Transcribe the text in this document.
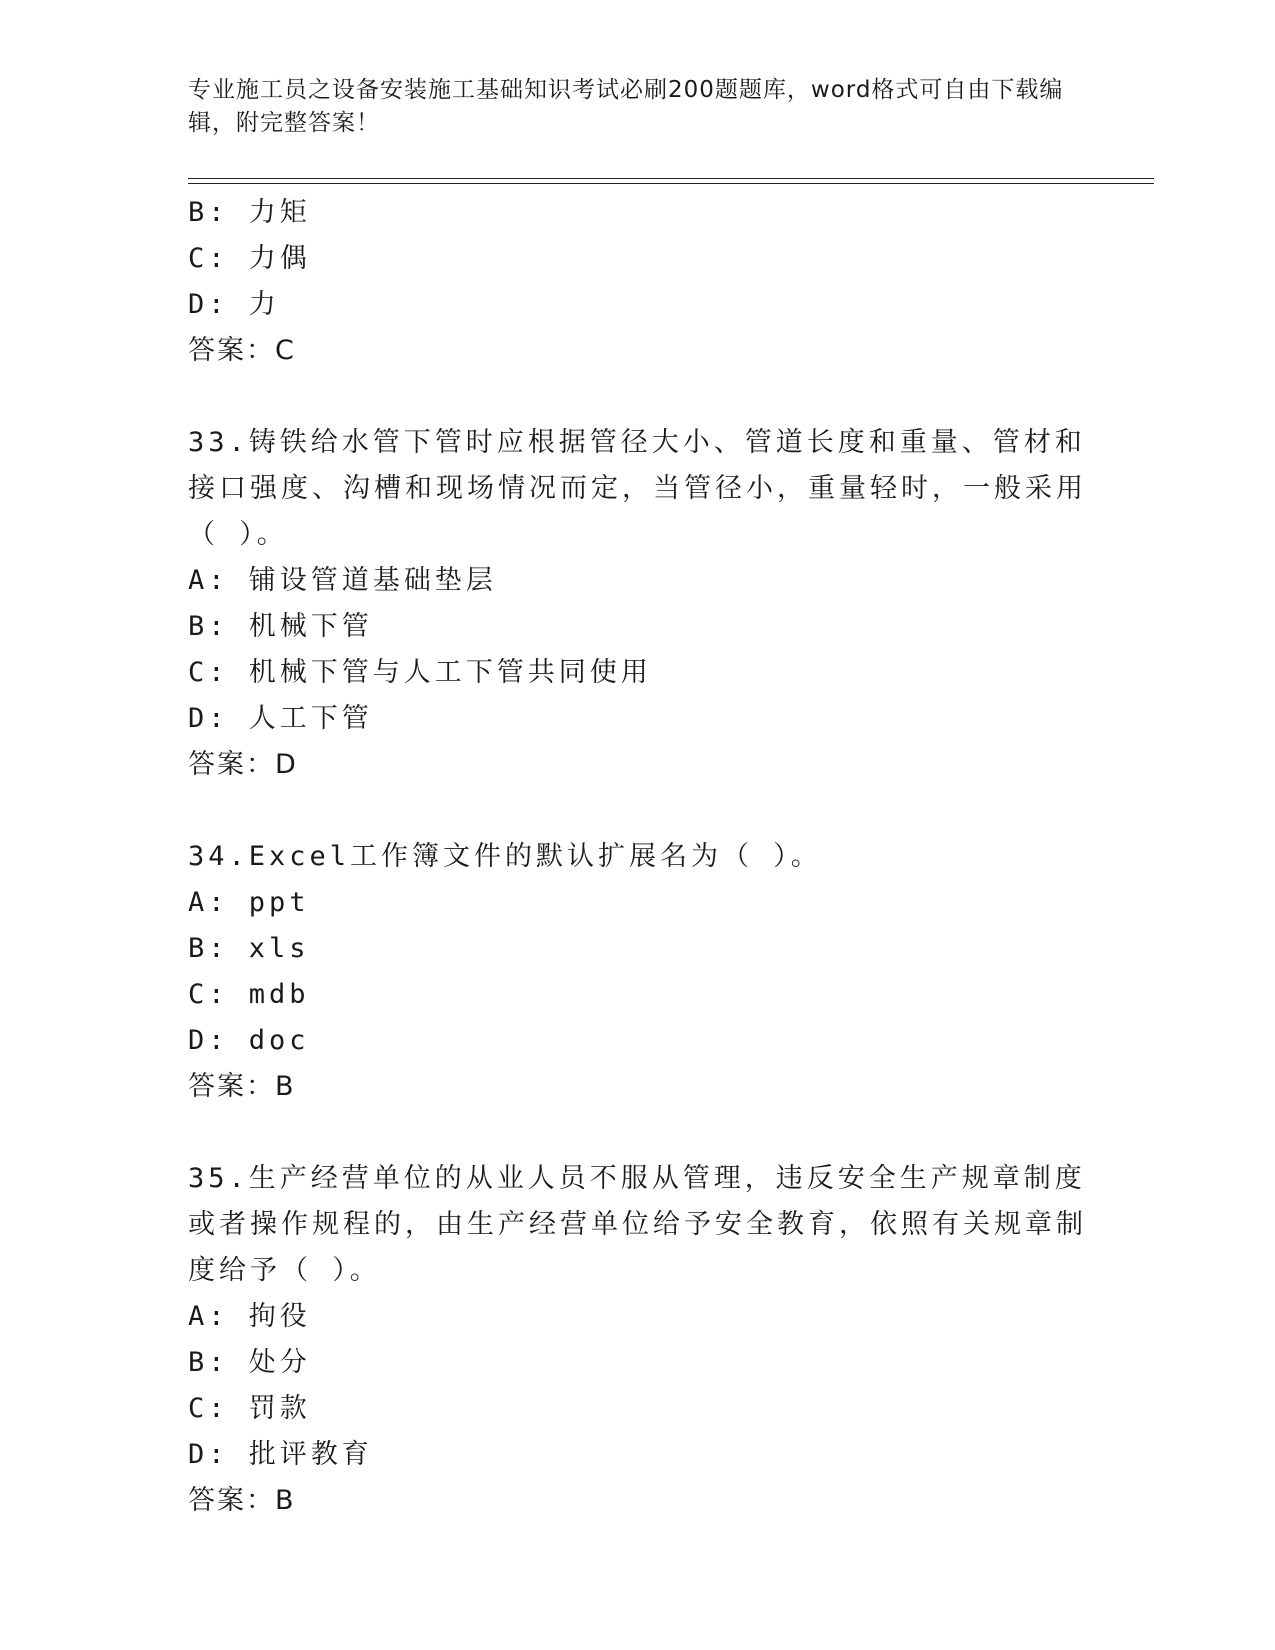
专业施工员之设备安装施工基础知识考试必刷200题题库，word格式可自由下载编辑，附完整答案！
B: 力矩
C: 力偶
D: 力
答案：C
33.铸铁给水管下管时应根据管径大小、管道长度和重量、管材和接口强度、沟槽和现场情况而定，当管径小，重量轻时，一般采用（ ）。
A: 铺设管道基础垫层
B: 机械下管
C: 机械下管与人工下管共同使用
D: 人工下管
答案：D
34.Excel工作簿文件的默认扩展名为（ ）。
A: ppt
B: xls
C: mdb
D: doc
答案：B
35.生产经营单位的从业人员不服从管理，违反安全生产规章制度或者操作规程的，由生产经营单位给予安全教育，依照有关规章制度给予（ ）。
A: 拘役
B: 处分
C: 罚款
D: 批评教育
答案：B
